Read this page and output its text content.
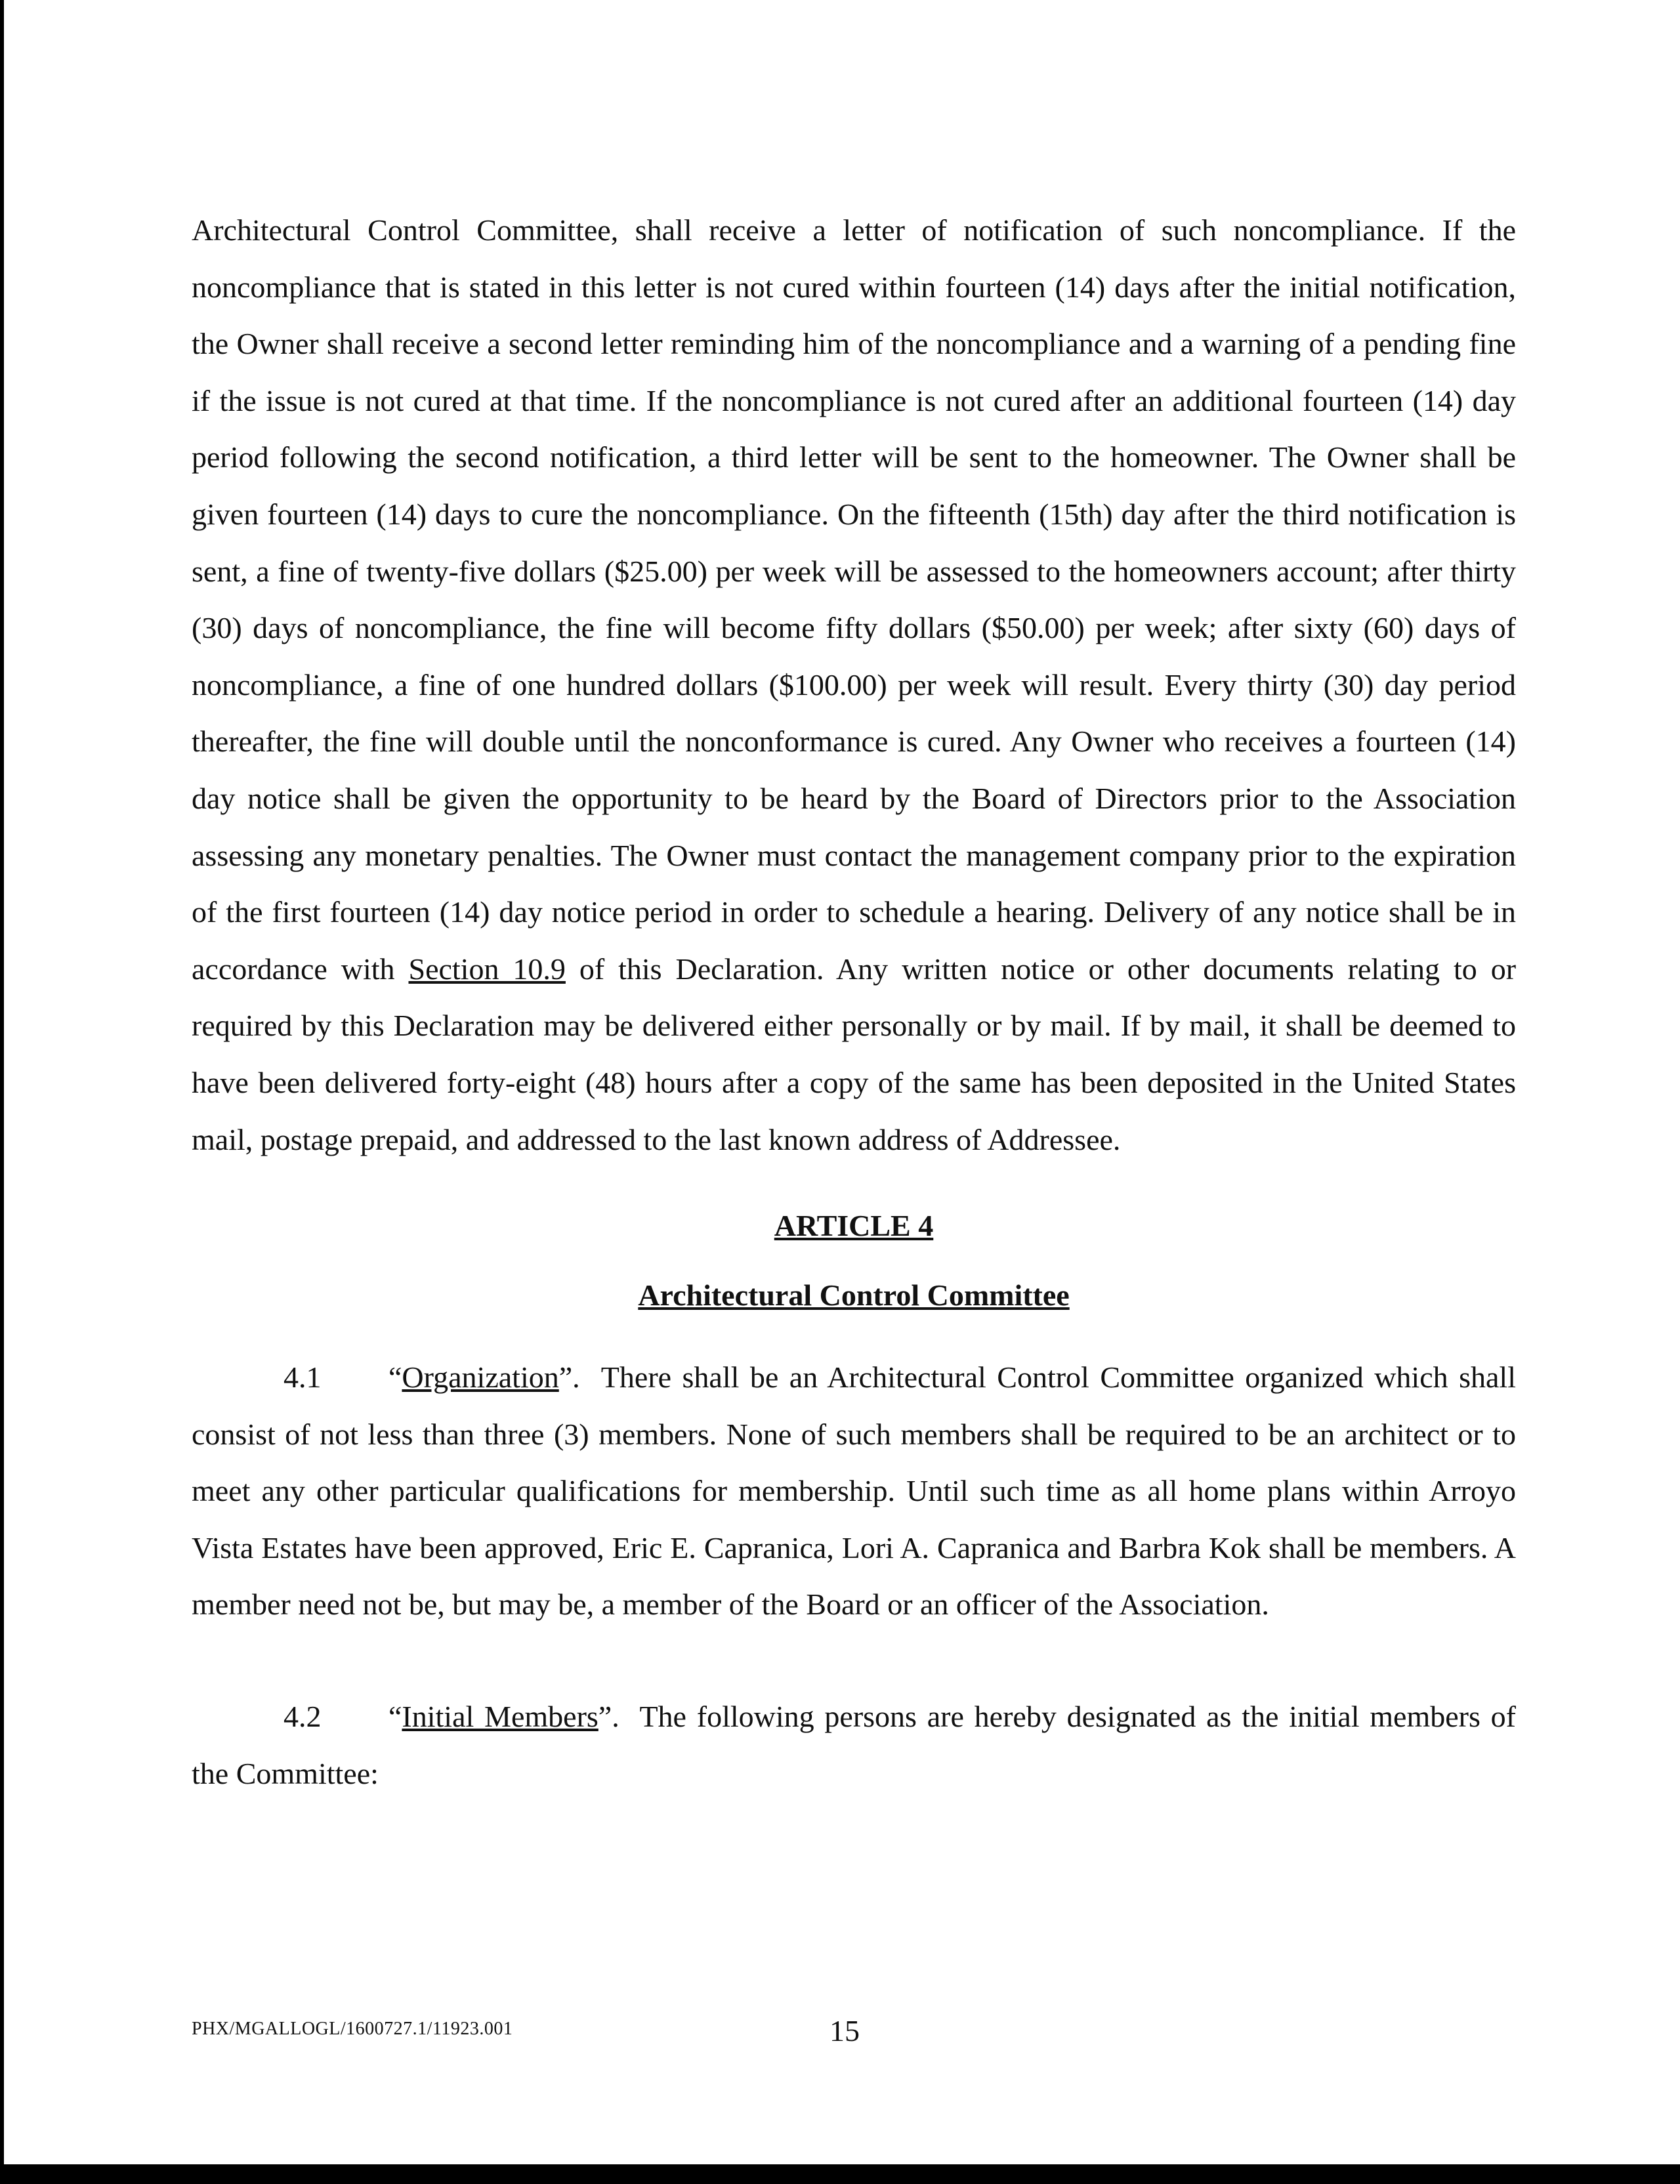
Architectural Control Committee, shall receive a letter of notification of such noncompliance. If the noncompliance that is stated in this letter is not cured within fourteen (14) days after the initial notification, the Owner shall receive a second letter reminding him of the noncompliance and a warning of a pending fine if the issue is not cured at that time. If the noncompliance is not cured after an additional fourteen (14) day period following the second notification, a third letter will be sent to the homeowner. The Owner shall be given fourteen (14) days to cure the noncompliance. On the fifteenth (15th) day after the third notification is sent, a fine of twenty-five dollars ($25.00) per week will be assessed to the homeowners account; after thirty (30) days of noncompliance, the fine will become fifty dollars ($50.00) per week; after sixty (60) days of noncompliance, a fine of one hundred dollars ($100.00) per week will result. Every thirty (30) day period thereafter, the fine will double until the nonconformance is cured. Any Owner who receives a fourteen (14) day notice shall be given the opportunity to be heard by the Board of Directors prior to the Association assessing any monetary penalties. The Owner must contact the management company prior to the expiration of the first fourteen (14) day notice period in order to schedule a hearing. Delivery of any notice shall be in accordance with Section 10.9 of this Declaration. Any written notice or other documents relating to or required by this Declaration may be delivered either personally or by mail. If by mail, it shall be deemed to have been delivered forty-eight (48) hours after a copy of the same has been deposited in the United States mail, postage prepaid, and addressed to the last known address of Addressee.

ARTICLE 4

Architectural Control Committee

4.1 “Organization”. There shall be an Architectural Control Committee organized which shall consist of not less than three (3) members. None of such members shall be required to be an architect or to meet any other particular qualifications for membership. Until such time as all home plans within Arroyo Vista Estates have been approved, Eric E. Capranica, Lori A. Capranica and Barbra Kok shall be members. A member need not be, but may be, a member of the Board or an officer of the Association.

4.2 “Initial Members”. The following persons are hereby designated as the initial members of the Committee:

PHX/MGALLOGL/1600727.1/11923.001	15
